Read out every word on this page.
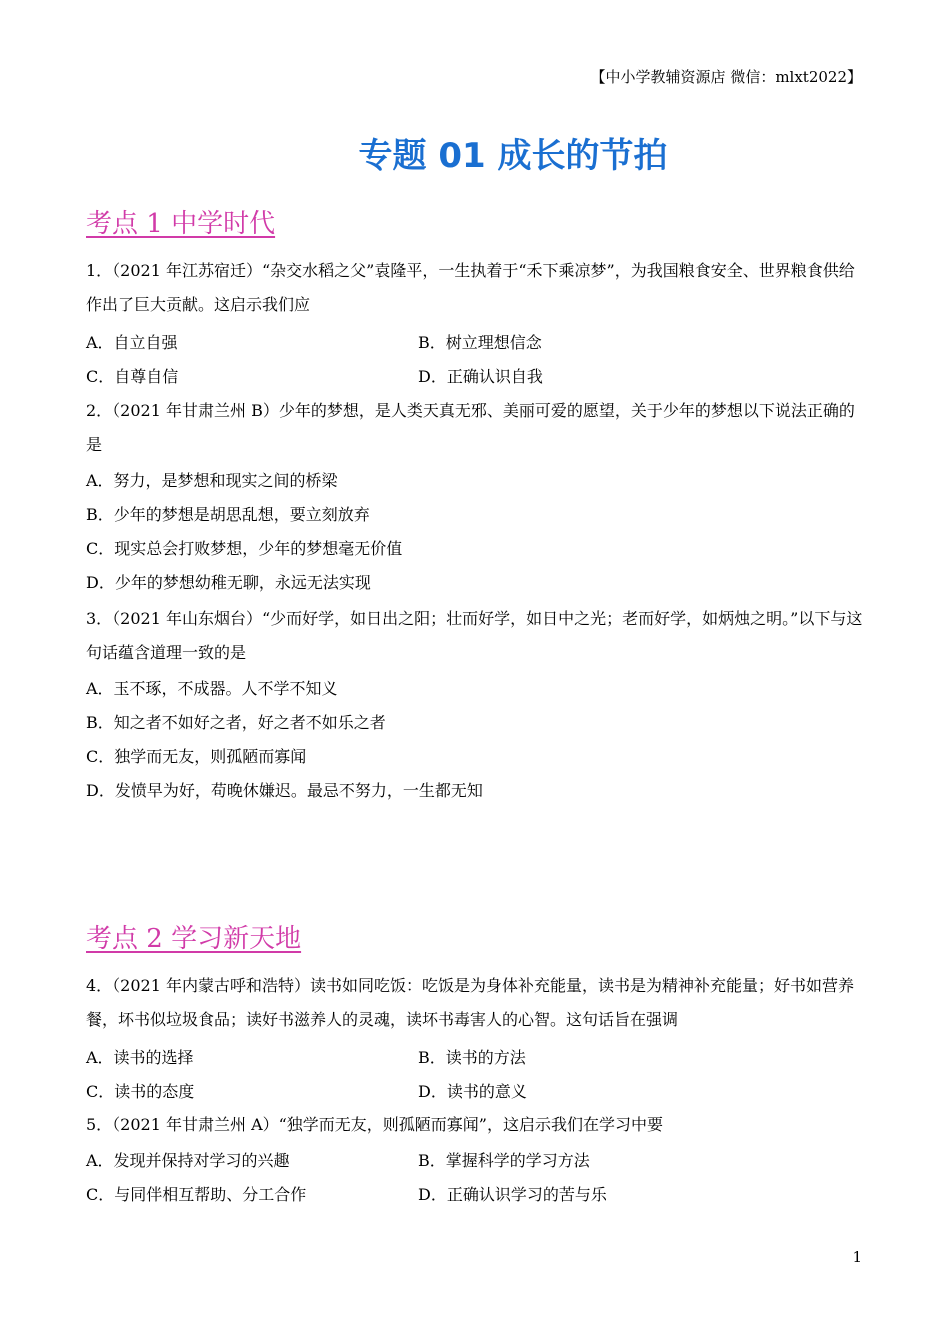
【中小学教辅资源店 微信：mlxt2022】
专题 01 成长的节拍
考点 1 中学时代
1．（2021 年江苏宿迁）“杂交水稻之父”袁隆平，一生执着于“禾下乘凉梦”，为我国粮食安全、世界粮食供给作出了巨大贡献。这启示我们应
A．自立自强	B．树立理想信念
C．自尊自信	D．正确认识自我
2．（2021 年甘肃兰州 B）少年的梦想，是人类天真无邪、美丽可爱的愿望，关于少年的梦想以下说法正确的是
A．努力，是梦想和现实之间的桥梁
B．少年的梦想是胡思乱想，要立刻放弃
C．现实总会打败梦想，少年的梦想毫无价值
D．少年的梦想幼稚无聊，永远无法实现
3．（2021 年山东烟台）“少而好学，如日出之阳；壮而好学，如日中之光；老而好学，如炳烛之明。”以下与这句话蕴含道理一致的是
A．玉不琢，不成器。人不学不知义
B．知之者不如好之者，好之者不如乐之者
C．独学而无友，则孤陋而寡闻
D．发愤早为好，苟晚休嫌迟。最忌不努力，一生都无知
考点 2 学习新天地
4．（2021 年内蒙古呼和浩特）读书如同吃饭：吃饭是为身体补充能量，读书是为精神补充能量；好书如营养餐，坏书似垃圾食品；读好书滋养人的灵魂，读坏书毒害人的心智。这句话旨在强调
A．读书的选择	B．读书的方法
C．读书的态度	D．读书的意义
5．（2021 年甘肃兰州 A）“独学而无友，则孤陋而寡闻”，这启示我们在学习中要
A．发现并保持对学习的兴趣	B．掌握科学的学习方法
C．与同伴相互帮助、分工合作	D．正确认识学习的苦与乐
1
